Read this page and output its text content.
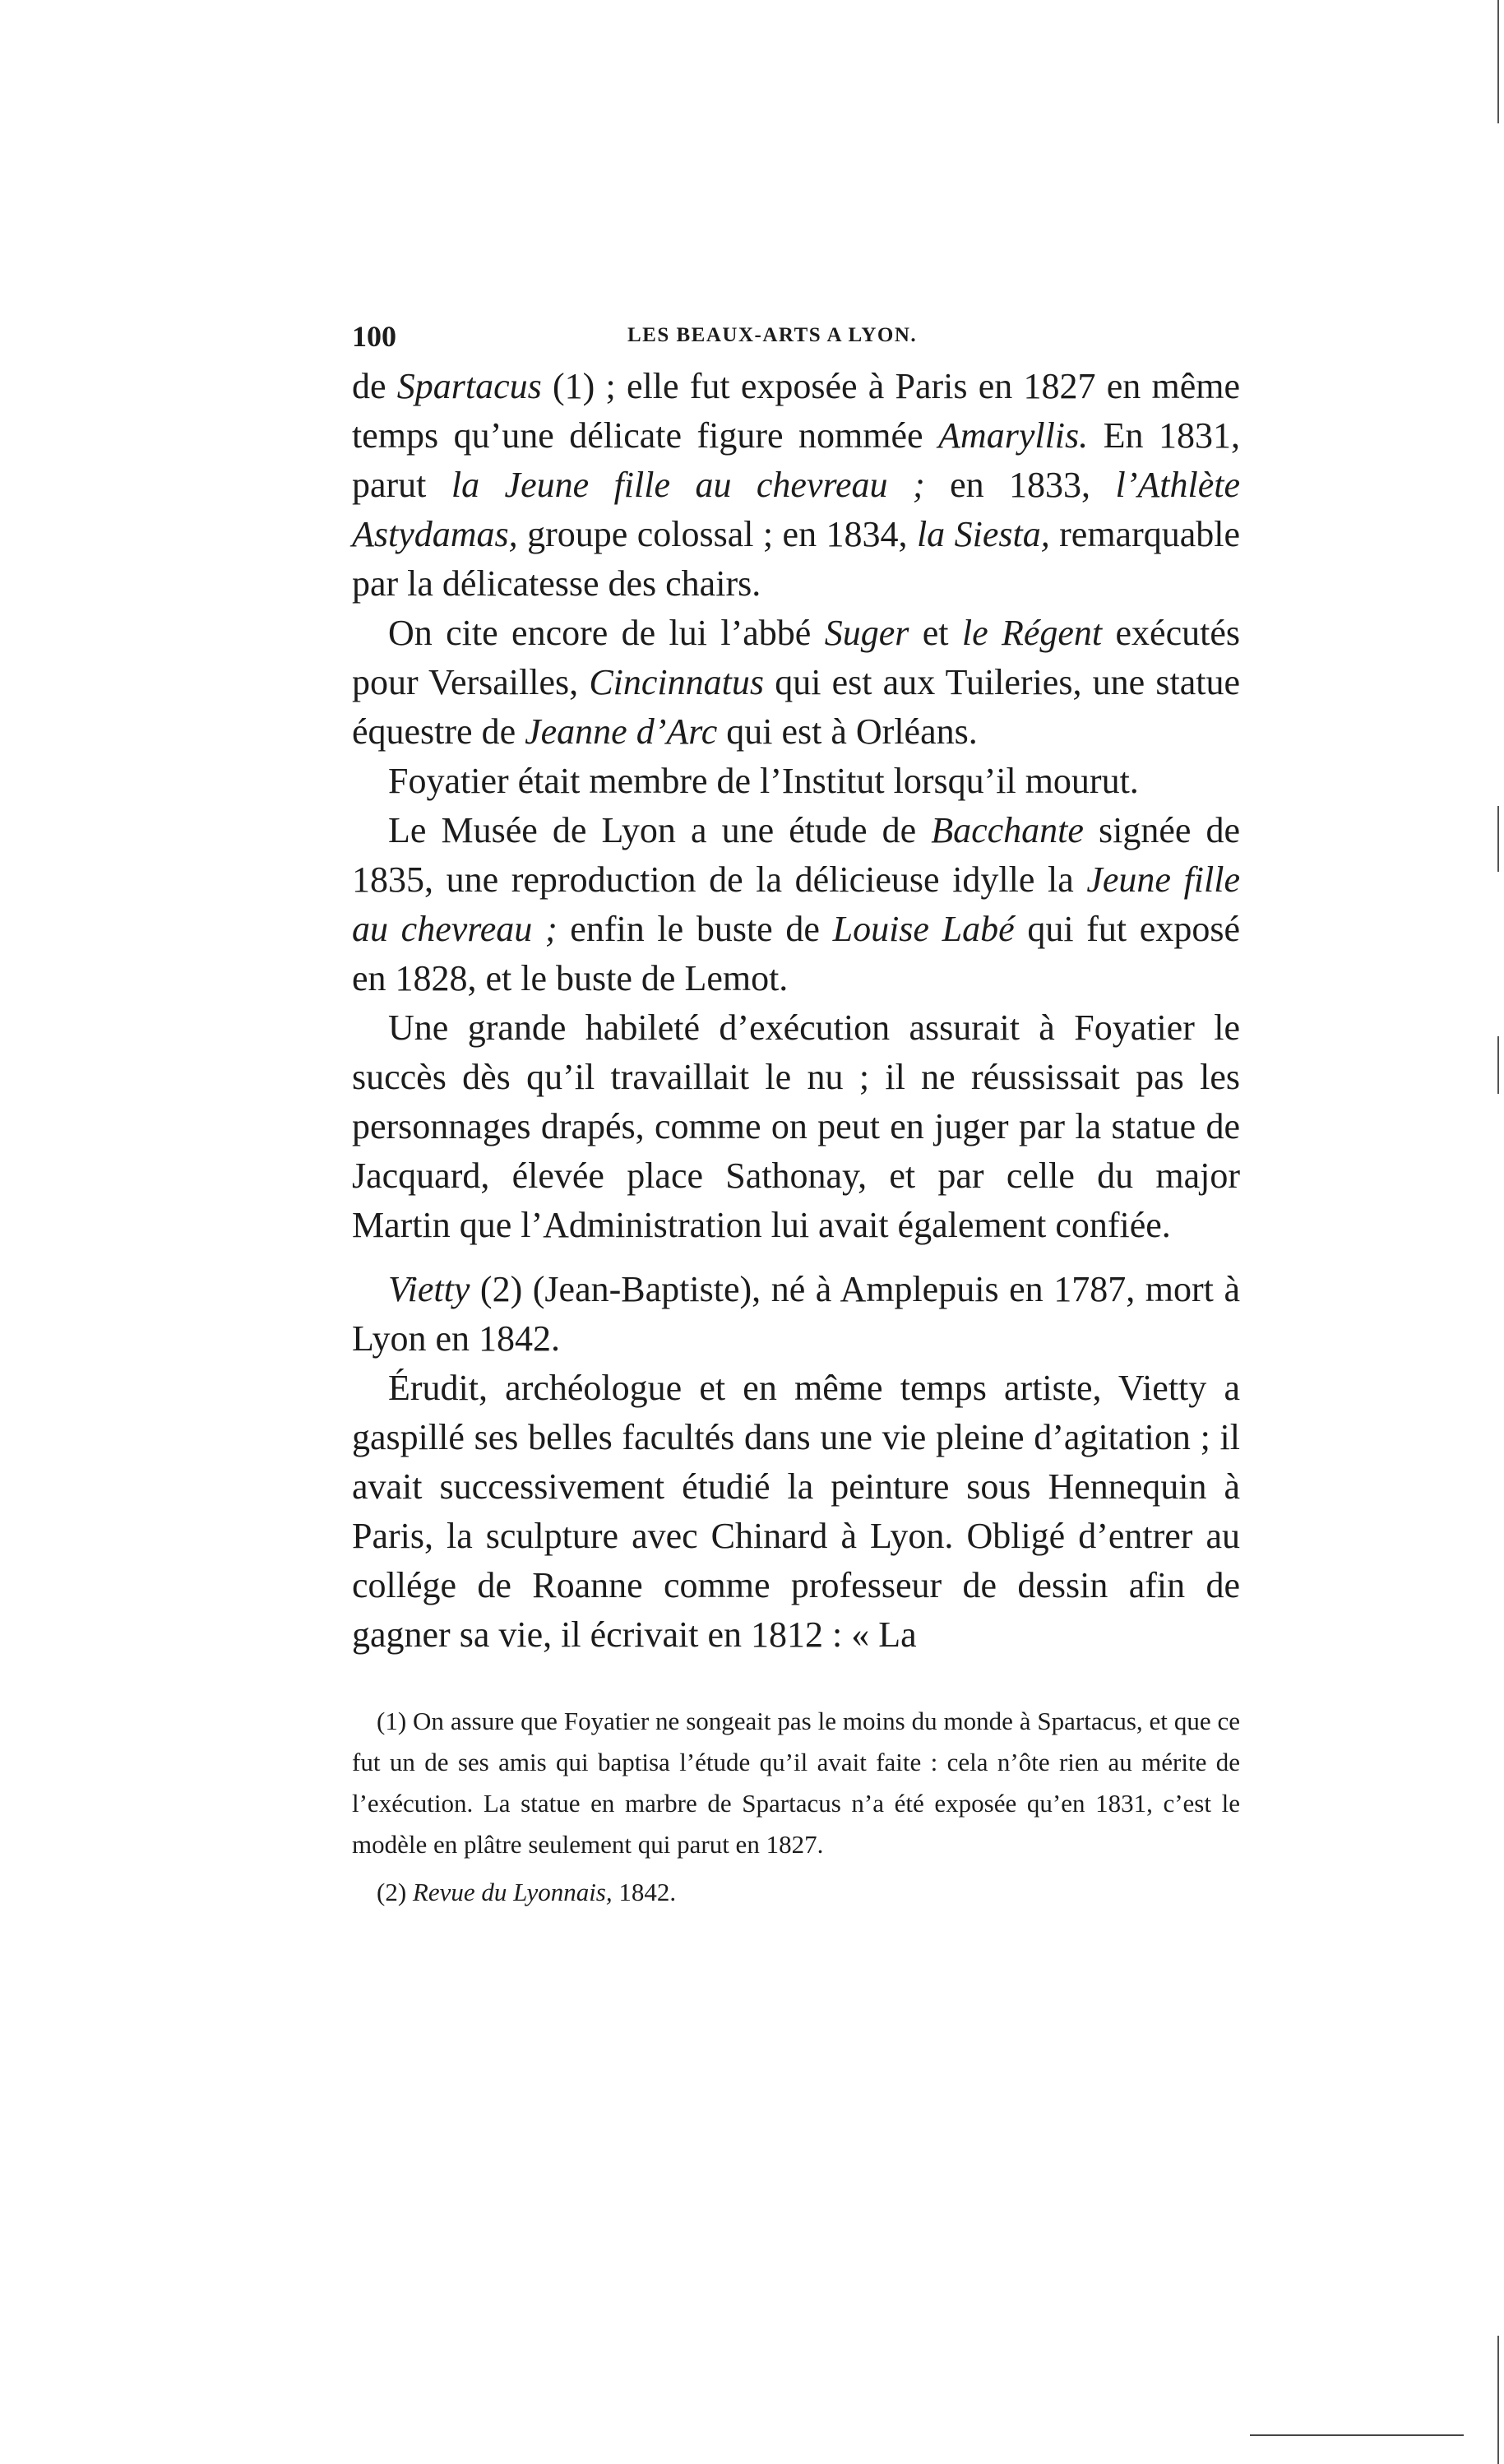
100	LES BEAUX-ARTS A LYON.

de Spartacus (1) ; elle fut exposée à Paris en 1827 en même temps qu’une délicate figure nommée Amaryllis. En 1831, parut la Jeune fille au chevreau ; en 1833, l’Athlète Astydamas, groupe colossal ; en 1834, la Siesta, remarquable par la délicatesse des chairs.

On cite encore de lui l’abbé Suger et le Régent exécutés pour Versailles, Cincinnatus qui est aux Tuileries, une statue équestre de Jeanne d’Arc qui est à Orléans.

Foyatier était membre de l’Institut lorsqu’il mourut.

Le Musée de Lyon a une étude de Bacchante signée de 1835, une reproduction de la délicieuse idylle la Jeune fille au chevreau ; enfin le buste de Louise Labé qui fut exposé en 1828, et le buste de Lemot.

Une grande habileté d’exécution assurait à Foyatier le succès dès qu’il travaillait le nu ; il ne réussissait pas les personnages drapés, comme on peut en juger par la statue de Jacquard, élevée place Sathonay, et par celle du major Martin que l’Administration lui avait également confiée.

Vietty (2) (Jean-Baptiste), né à Amplepuis en 1787, mort à Lyon en 1842.

Érudit, archéologue et en même temps artiste, Vietty a gaspillé ses belles facultés dans une vie pleine d’agitation ; il avait successivement étudié la peinture sous Hennequin à Paris, la sculpture avec Chinard à Lyon. Obligé d’entrer au collége de Roanne comme professeur de dessin afin de gagner sa vie, il écrivait en 1812 : « La

(1) On assure que Foyatier ne songeait pas le moins du monde à Spartacus, et que ce fut un de ses amis qui baptisa l’étude qu’il avait faite : cela n’ôte rien au mérite de l’exécution. La statue en marbre de Spartacus n’a été exposée qu’en 1831, c’est le modèle en plâtre seulement qui parut en 1827.

(2) Revue du Lyonnais, 1842.
